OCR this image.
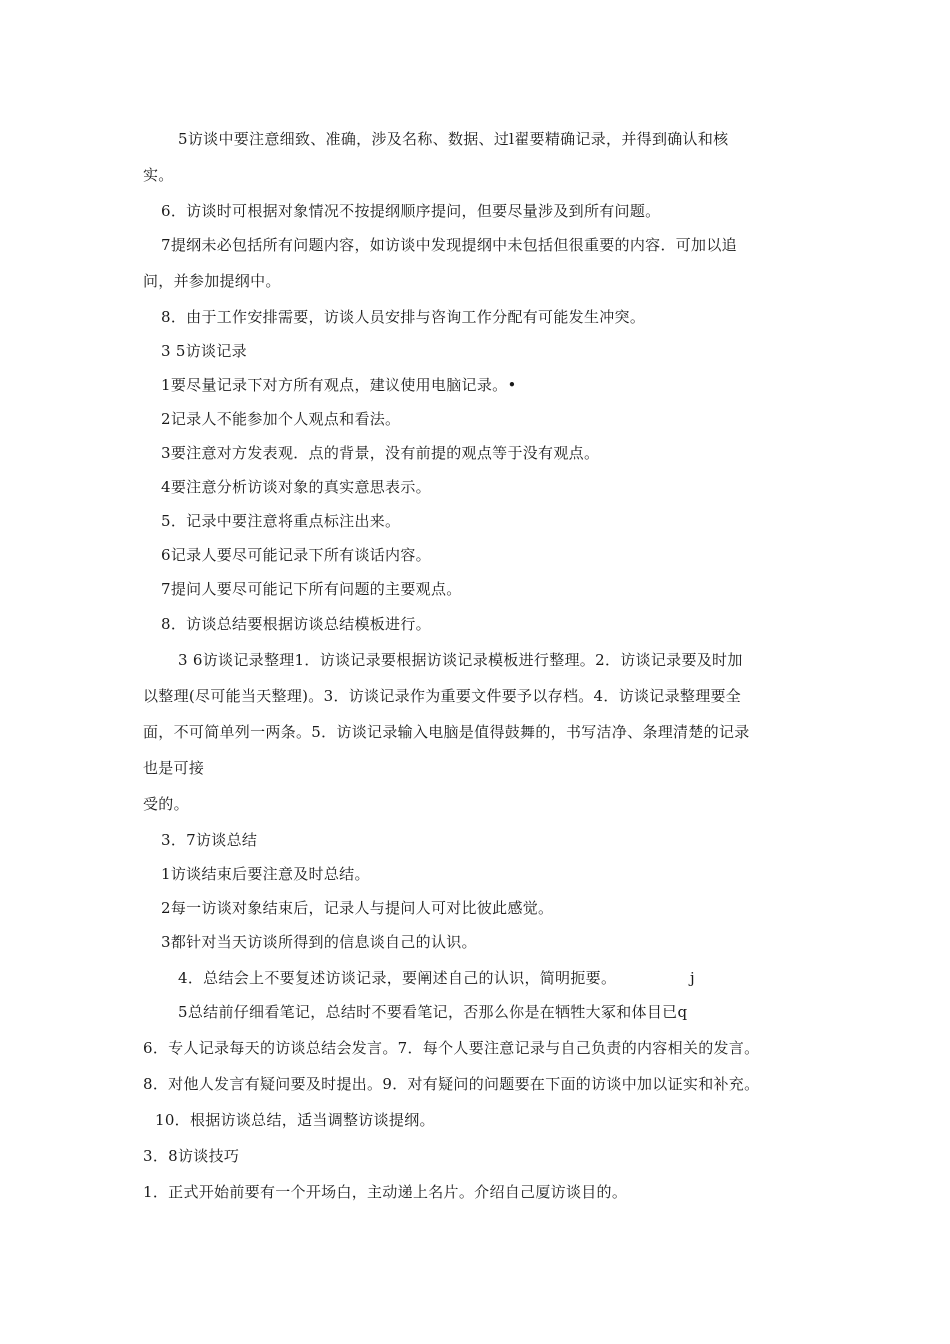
5访谈中要注意细致、准确，涉及名称、数据、过l翟要精确记录，并得到确认和核
实。
6．访谈时可根据对象情况不按提纲顺序提问，但要尽量涉及到所有问题。
7提纲未必包括所有问题内容，如访谈中发现提纲中未包括但很重要的内容．可加以追
问，并参加提纲中。
8．由于工作安排需要，访谈人员安排与咨询工作分配有可能发生冲突。
3 5访谈记录
1要尽量记录下对方所有观点，建议使用电脑记录。•
2记录人不能参加个人观点和看法。
3要注意对方发表观．点的背景，没有前提的观点等于没有观点。
4要注意分析访谈对象的真实意思表示。
5．记录中要注意将重点标注出来。
6记录人要尽可能记录下所有谈话内容。
7提问人要尽可能记下所有问题的主要观点。
8．访谈总结要根据访谈总结模板进行。
3 6访谈记录整理1．访谈记录要根据访谈记录模板进行整理。2．访谈记录要及时加
以整理(尽可能当天整理)。3．访谈记录作为重要文件要予以存档。4．访谈记录整理要全
面，不可简单列一两条。5．访谈记录输入电脑是值得鼓舞的，书写洁净、条理清楚的记录
也是可接
受的。
3．7访谈总结
1访谈结束后要注意及时总结。
2每一访谈对象结束后，记录人与提问人可对比彼此感觉。
3都针对当天访谈所得到的信息谈自己的认识。
4．总结会上不要复述访谈记录，要阐述自己的认识，简明扼要。	j
5总结前仔细看笔记，总结时不要看笔记，否那么你是在牺牲大冢和体目已q
6．专人记录每天的访谈总结会发言。7．每个人要注意记录与自己负责的内容相关的发言。
8．对他人发言有疑问要及时提出。9．对有疑问的问题要在下面的访谈中加以证实和补充。
10．根据访谈总结，适当调整访谈提纲。
3．8访谈技巧
1．正式开始前要有一个开场白，主动递上名片。介绍自己厦访谈目的。
